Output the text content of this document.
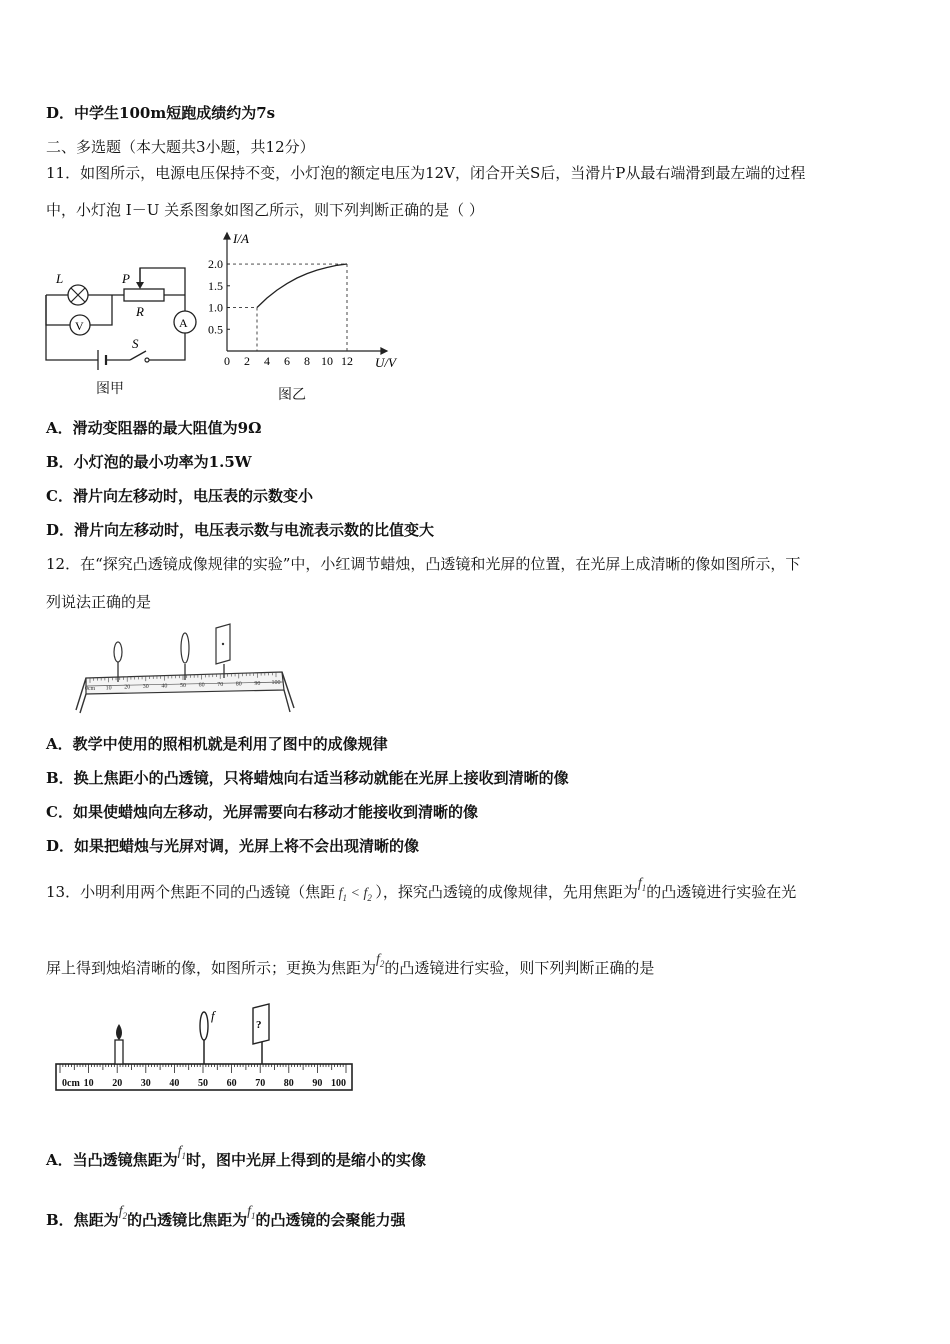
D．中学生100m短跑成绩约为7s
二、多选题（本大题共3小题，共12分）
11．如图所示，电源电压保持不变，小灯泡的额定电压为12V，闭合开关S后，当滑片P从最右端滑到最左端的过程
中，小灯泡 I－U 关系图象如图乙所示，则下列判断正确的是（ ）
L	P
R
V	A
S
图甲
0 2 4 6 8 10 12
0.5
1.0
1.5
2.0
I/A
U/V
图乙
A．滑动变阻器的最大阻值为9Ω
B．小灯泡的最小功率为1.5W
C．滑片向左移动时，电压表的示数变小
D．滑片向左移动时，电压表示数与电流表示数的比值变大
12．在“探究凸透镜成像规律的实验”中，小红调节蜡烛，凸透镜和光屏的位置，在光屏上成清晰的像如图所示，下
列说法正确的是
0cm 10 20 30 40 50 60 70 80 90 100
A．教学中使用的照相机就是利用了图中的成像规律
B．换上焦距小的凸透镜，只将蜡烛向右适当移动就能在光屏上接收到清晰的像
C．如果使蜡烛向左移动，光屏需要向右移动才能接收到清晰的像
D．如果把蜡烛与光屏对调，光屏上将不会出现清晰的像
13．小明利用两个焦距不同的凸透镜（焦距 $f_1 < f_2$ ），探究凸透镜的成像规律，先用焦距为$f_1$的凸透镜进行实验在光
屏上得到烛焰清晰的像，如图所示；更换为焦距为$f_2$的凸透镜进行实验，则下列判断正确的是
0cm 10 20 30 40 50 60 70 80 90 100
f
?
A．当凸透镜焦距为$f_1$时，图中光屏上得到的是缩小的实像
B．焦距为$f_2$的凸透镜比焦距为$f_1$的凸透镜的会聚能力强
